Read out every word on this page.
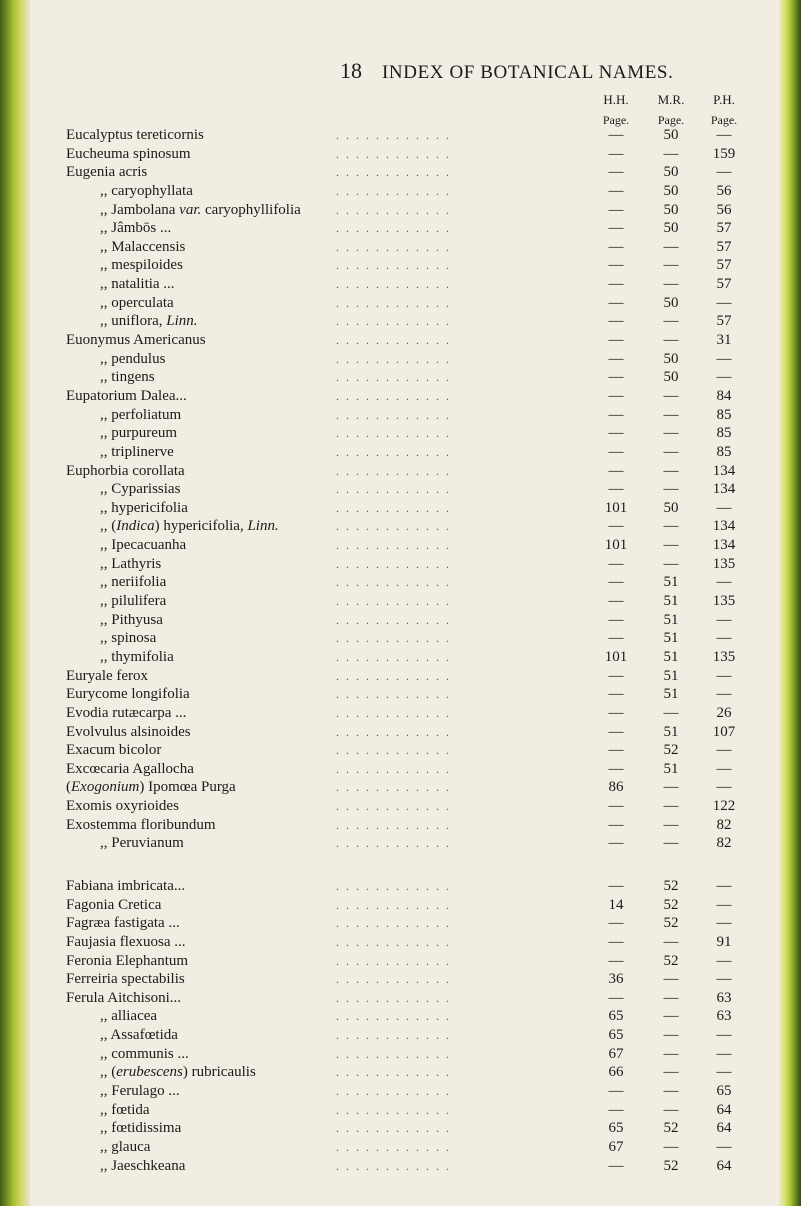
18 INDEX OF BOTANICAL NAMES.
H.H.	M.R.	P.H.
Page.	Page.	Page.
Eucalyptus tereticornis	. . . . . . . . . . . .	—	50	—
Eucheuma spinosum	. . . . . . . . . . . .	—	—	159
Eugenia acris	. . . . . . . . . . . .	—	50	—
,, caryophyllata	. . . . . . . . . . . .	—	50	56
,, Jambolana var. caryophyllifolia	. . . . . . . . . . . .	—	50	56
,, Jâmbōs ...	. . . . . . . . . . . .	—	50	57
,, Malaccensis	. . . . . . . . . . . .	—	—	57
,, mespiloides	. . . . . . . . . . . .	—	—	57
,, natalitia ...	. . . . . . . . . . . .	—	—	57
,, operculata	. . . . . . . . . . . .	—	50	—
,, uniflora, Linn.	. . . . . . . . . . . .	—	—	57
Euonymus Americanus	. . . . . . . . . . . .	—	—	31
,, pendulus	. . . . . . . . . . . .	—	50	—
,, tingens	. . . . . . . . . . . .	—	50	—
Eupatorium Dalea...	. . . . . . . . . . . .	—	—	84
,, perfoliatum	. . . . . . . . . . . .	—	—	85
,, purpureum	. . . . . . . . . . . .	—	—	85
,, triplinerve	. . . . . . . . . . . .	—	—	85
Euphorbia corollata	. . . . . . . . . . . .	—	—	134
,, Cyparissias	. . . . . . . . . . . .	—	—	134
,, hypericifolia	. . . . . . . . . . . .	101	50	—
,, (Indica) hypericifolia, Linn.	. . . . . . . . . . . .	—	—	134
,, Ipecacuanha	. . . . . . . . . . . .	101	—	134
,, Lathyris	. . . . . . . . . . . .	—	—	135
,, neriifolia	. . . . . . . . . . . .	—	51	—
,, pilulifera	. . . . . . . . . . . .	—	51	135
,, Pithyusa	. . . . . . . . . . . .	—	51	—
,, spinosa	. . . . . . . . . . . .	—	51	—
,, thymifolia	. . . . . . . . . . . .	101	51	135
Euryale ferox	. . . . . . . . . . . .	—	51	—
Eurycome longifolia	. . . . . . . . . . . .	—	51	—
Evodia rutæcarpa ...	. . . . . . . . . . . .	—	—	26
Evolvulus alsinoides	. . . . . . . . . . . .	—	51	107
Exacum bicolor	. . . . . . . . . . . .	—	52	—
Excœcaria Agallocha	. . . . . . . . . . . .	—	51	—
(Exogonium) Ipomœa Purga	. . . . . . . . . . . .	86	—	—
Exomis oxyrioides	. . . . . . . . . . . .	—	—	122
Exostemma floribundum	. . . . . . . . . . . .	—	—	82
,, Peruvianum	. . . . . . . . . . . .	—	—	82
Fabiana imbricata...	. . . . . . . . . . . .	—	52	—
Fagonia Cretica	. . . . . . . . . . . .	14	52	—
Fagræa fastigata ...	. . . . . . . . . . . .	—	52	—
Faujasia flexuosa ...	. . . . . . . . . . . .	—	—	91
Feronia Elephantum	. . . . . . . . . . . .	—	52	—
Ferreiria spectabilis	. . . . . . . . . . . .	36	—	—
Ferula Aitchisoni...	. . . . . . . . . . . .	—	—	63
,, alliacea	. . . . . . . . . . . .	65	—	63
,, Assafœtida	. . . . . . . . . . . .	65	—	—
,, communis ...	. . . . . . . . . . . .	67	—	—
,, (erubescens) rubricaulis	. . . . . . . . . . . .	66	—	—
,, Ferulago ...	. . . . . . . . . . . .	—	—	65
,, fœtida	. . . . . . . . . . . .	—	—	64
,, fœtidissima	. . . . . . . . . . . .	65	52	64
,, glauca	. . . . . . . . . . . .	67	—	—
,, Jaeschkeana	. . . . . . . . . . . .	—	52	64
